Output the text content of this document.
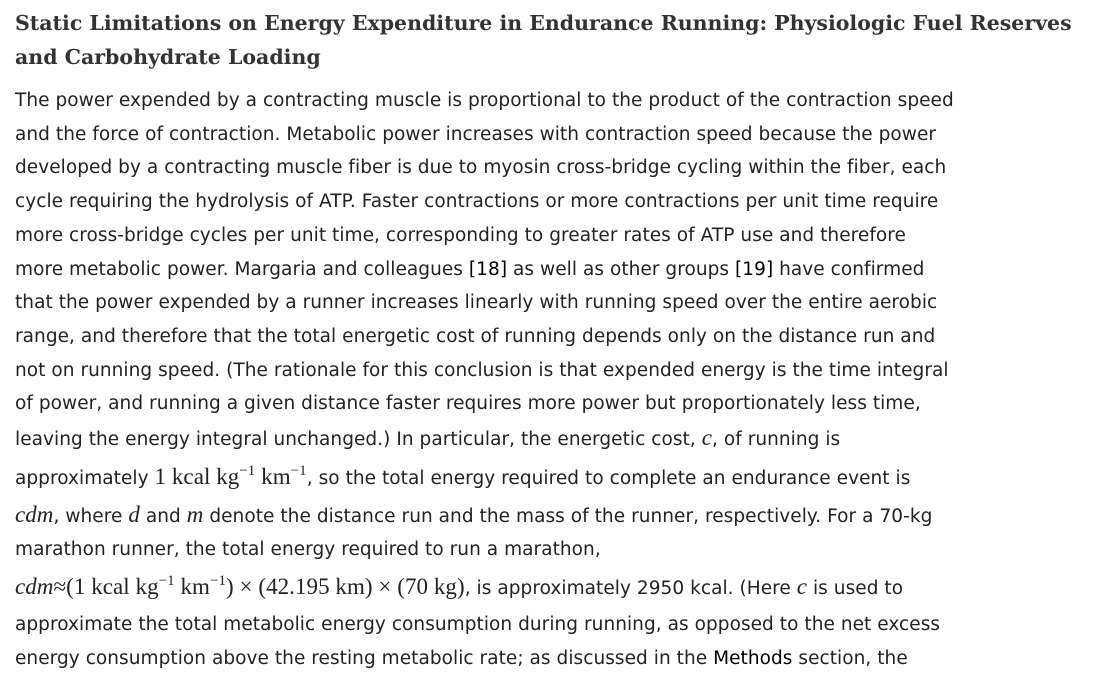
Static Limitations on Energy Expenditure in Endurance Running: Physiologic Fuel Reserves and Carbohydrate Loading
The power expended by a contracting muscle is proportional to the product of the contraction speed
and the force of contraction. Metabolic power increases with contraction speed because the power
developed by a contracting muscle fiber is due to myosin cross-bridge cycling within the fiber, each
cycle requiring the hydrolysis of ATP. Faster contractions or more contractions per unit time require
more cross-bridge cycles per unit time, corresponding to greater rates of ATP use and therefore
more metabolic power. Margaria and colleagues [18] as well as other groups [19] have confirmed
that the power expended by a runner increases linearly with running speed over the entire aerobic
range, and therefore that the total energetic cost of running depends only on the distance run and
not on running speed. (The rationale for this conclusion is that expended energy is the time integral
of power, and running a given distance faster requires more power but proportionately less time,
leaving the energy integral unchanged.) In particular, the energetic cost, c, of running is
approximately 1 kcal $kg^{-1}$ $km^{-1}$, so the total energy required to complete an endurance event is
cdm, where d and m denote the distance run and the mass of the runner, respectively. For a 70-kg
marathon runner, the total energy required to run a marathon,
cdm≈(1 kcal $kg^{-1}$ $km^{-1}) \times (42.195$ km) × (70 kg), is approximately 2950 kcal. (Here c is used to
approximate the total metabolic energy consumption during running, as opposed to the net excess
energy consumption above the resting metabolic rate; as discussed in the Methods section, the
